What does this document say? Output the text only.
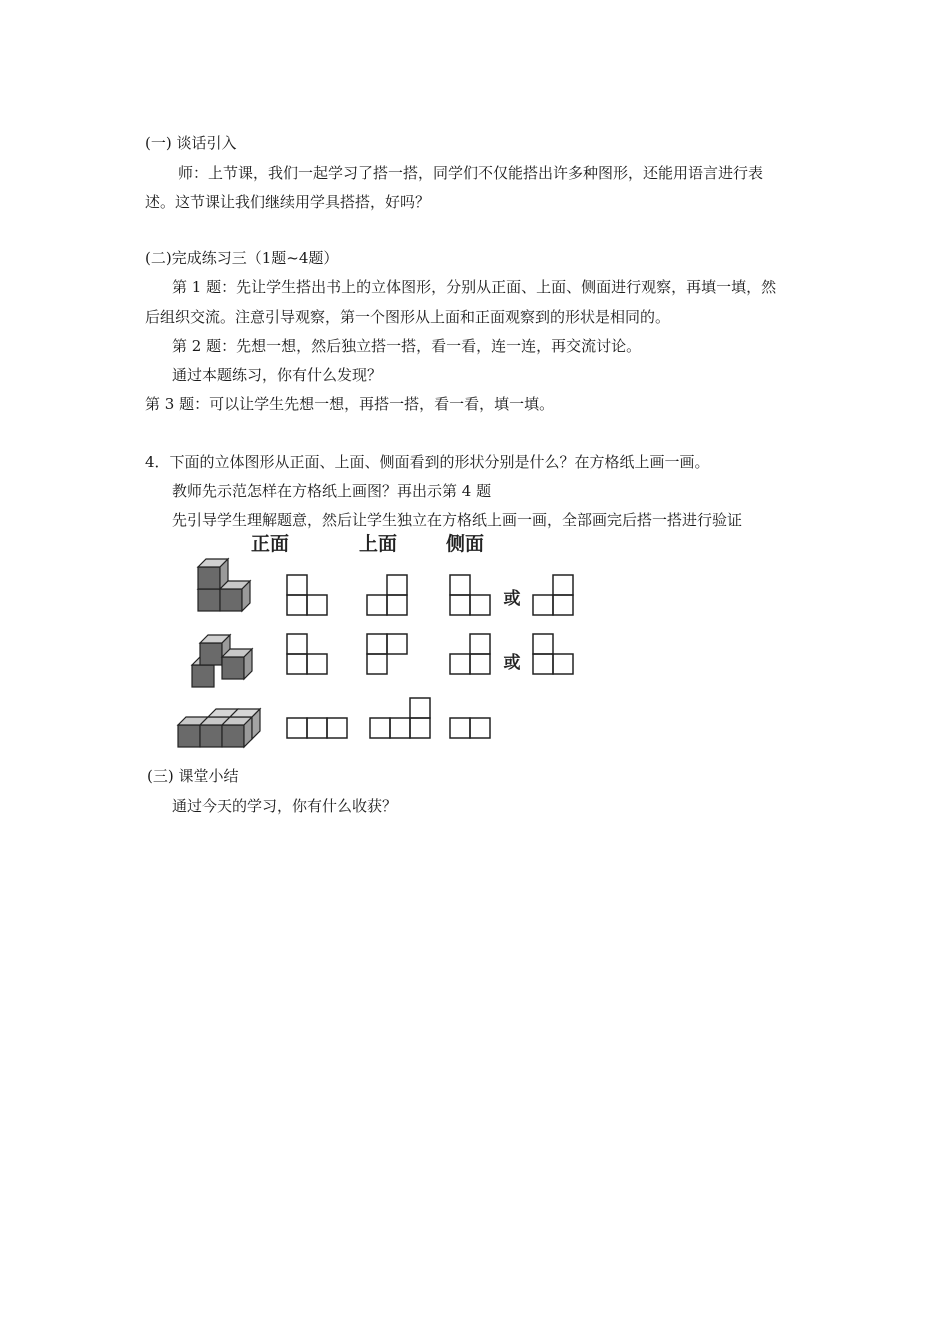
(一) 谈话引入
师：上节课，我们一起学习了搭一搭，同学们不仅能搭出许多种图形，还能用语言进行表
述。这节课让我们继续用学具搭搭，好吗？
(二)完成练习三（1题~4题）
第 1 题：先让学生搭出书上的立体图形，分别从正面、上面、侧面进行观察，再填一填，然
后组织交流。注意引导观察，第一个图形从上面和正面观察到的形状是相同的。
第 2 题：先想一想，然后独立搭一搭，看一看，连一连，再交流讨论。
通过本题练习，你有什么发现？
第 3 题：可以让学生先想一想，再搭一搭，看一看，填一填。
4．下面的立体图形从正面、上面、侧面看到的形状分别是什么？在方格纸上画一画。
教师先示范怎样在方格纸上画图？再出示第 4 题
先引导学生理解题意，然后让学生独立在方格纸上画一画，全部画完后搭一搭进行验证
正面	上面	侧面
或
或
(三) 课堂小结
通过今天的学习，你有什么收获？
